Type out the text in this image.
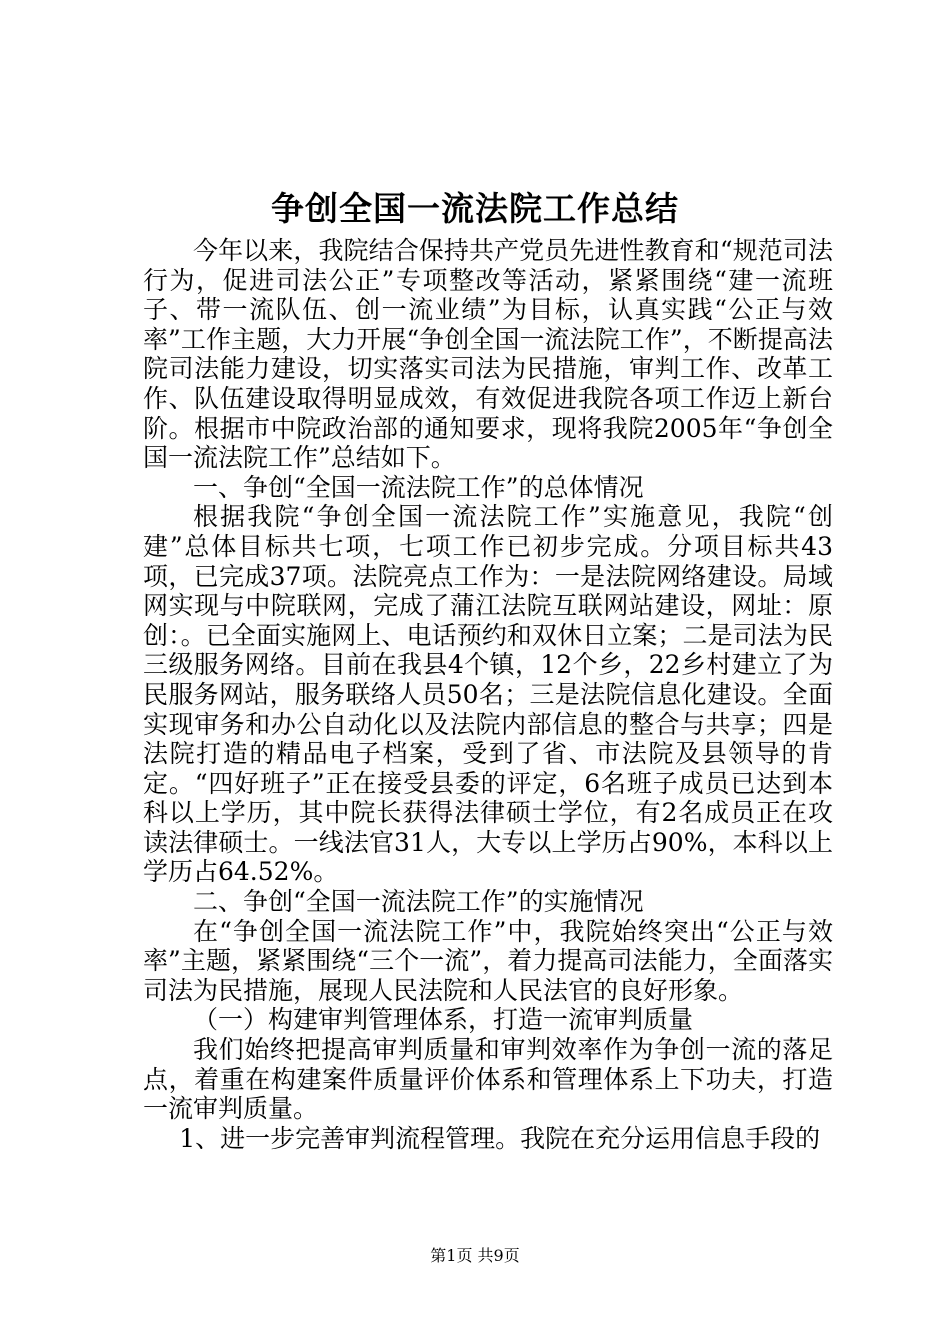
争创全国一流法院工作总结

今年以来，我院结合保持共产党员先进性教育和“规范司法行为，促进司法公正”专项整改等活动，紧紧围绕“建一流班子、带一流队伍、创一流业绩”为目标，认真实践“公正与效率”工作主题，大力开展“争创全国一流法院工作”，不断提高法院司法能力建设，切实落实司法为民措施，审判工作、改革工作、队伍建设取得明显成效，有效促进我院各项工作迈上新台阶。根据市中院政治部的通知要求，现将我院2005年“争创全国一流法院工作”总结如下。

一、争创“全国一流法院工作”的总体情况

根据我院“争创全国一流法院工作”实施意见，我院“创建”总体目标共七项，七项工作已初步完成。分项目标共43项，已完成37项。法院亮点工作为：一是法院网络建设。局域网实现与中院联网，完成了蒲江法院互联网站建设，网址：原创：。已全面实施网上、电话预约和双休日立案；二是司法为民三级服务网络。目前在我县4个镇，12个乡，22乡村建立了为民服务网站，服务联络人员50名；三是法院信息化建设。全面实现审务和办公自动化以及法院内部信息的整合与共享；四是法院打造的精品电子档案，受到了省、市法院及县领导的肯定。“四好班子”正在接受县委的评定，6名班子成员已达到本科以上学历，其中院长获得法律硕士学位，有2名成员正在攻读法律硕士。一线法官31人，大专以上学历占90%，本科以上学历占64.52%。

二、争创“全国一流法院工作”的实施情况

在“争创全国一流法院工作”中，我院始终突出“公正与效率”主题，紧紧围绕“三个一流”，着力提高司法能力，全面落实司法为民措施，展现人民法院和人民法官的良好形象。

（一）构建审判管理体系，打造一流审判质量

我们始终把提高审判质量和审判效率作为争创一流的落足点，着重在构建案件质量评价体系和管理体系上下功夫，打造一流审判质量。

1、进一步完善审判流程管理。我院在充分运用信息手段的

第1页 共9页
